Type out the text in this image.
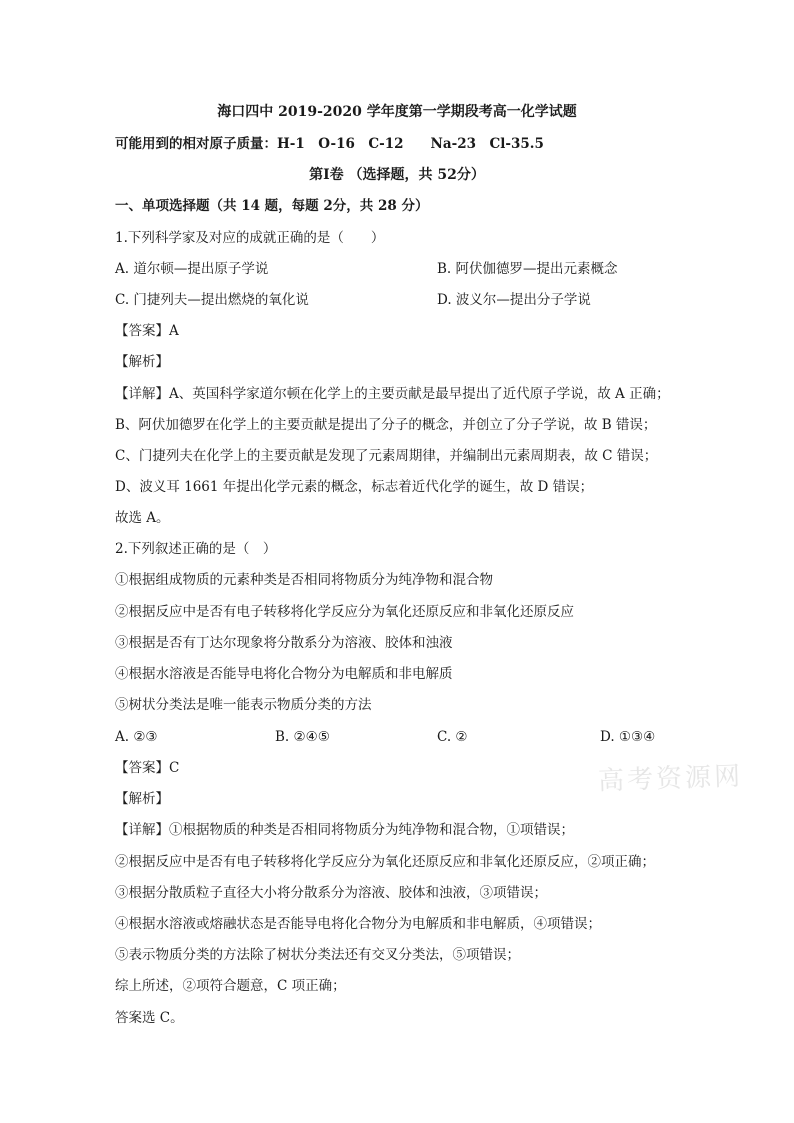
海口四中 2019-2020 学年度第一学期段考高一化学试题
可能用到的相对原子质量：H-1　O-16　C-12　　Na-23　Cl-35.5
第Ⅰ卷 （选择题，共 52分）
一、单项选择题（共 14 题，每题 2分，共 28 分）
1.下列科学家及对应的成就正确的是（　　）
A. 道尔顿—提出原子学说	B. 阿伏伽德罗—提出元素概念
C. 门捷列夫—提出燃烧的氧化说	D. 波义尔—提出分子学说
【答案】A
【解析】
【详解】A、英国科学家道尔顿在化学上的主要贡献是最早提出了近代原子学说，故 A 正确；
B、阿伏加德罗在化学上的主要贡献是提出了分子的概念，并创立了分子学说，故 B 错误；
C、门捷列夫在化学上的主要贡献是发现了元素周期律，并编制出元素周期表，故 C 错误；
D、波义耳 1661 年提出化学元素的概念，标志着近代化学的诞生，故 D 错误；
故选 A。
2.下列叙述正确的是（　）
①根据组成物质的元素种类是否相同将物质分为纯净物和混合物
②根据反应中是否有电子转移将化学反应分为氧化还原反应和非氧化还原反应
③根据是否有丁达尔现象将分散系分为溶液、胶体和浊液
④根据水溶液是否能导电将化合物分为电解质和非电解质
⑤树状分类法是唯一能表示物质分类的方法
A. ②③	B. ②④⑤	C. ②	D. ①③④
【答案】C
【解析】
【详解】①根据物质的种类是否相同将物质分为纯净物和混合物，①项错误；
②根据反应中是否有电子转移将化学反应分为氧化还原反应和非氧化还原反应，②项正确；
③根据分散质粒子直径大小将分散系分为溶液、胶体和浊液，③项错误；
④根据水溶液或熔融状态是否能导电将化合物分为电解质和非电解质，④项错误；
⑤表示物质分类的方法除了树状分类法还有交叉分类法，⑤项错误；
综上所述，②项符合题意，C 项正确；
答案选 C。
高考资源网
